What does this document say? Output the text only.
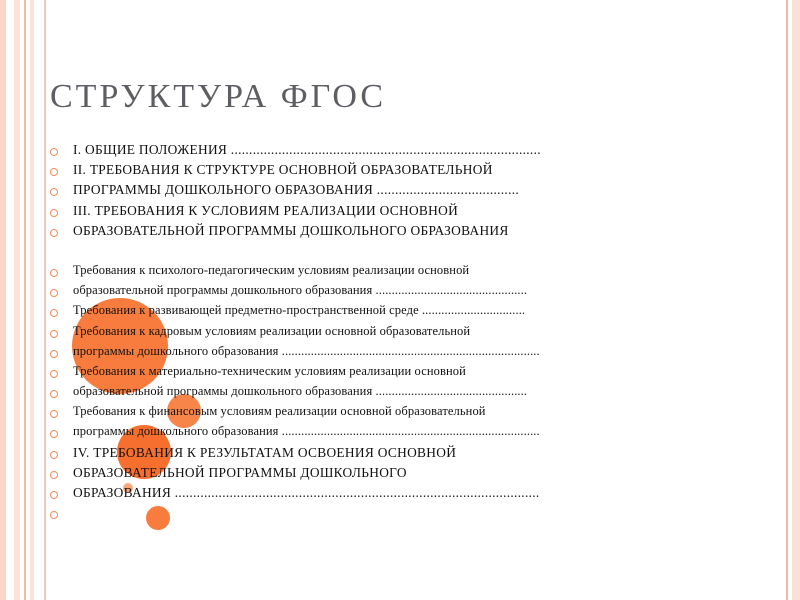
СТРУКТУРА ФГОС
I. ОБЩИЕ ПОЛОЖЕНИЯ .....................................................................................
II. ТРЕБОВАНИЯ К СТРУКТУРЕ ОСНОВНОЙ ОБРАЗОВАТЕЛЬНОЙ
ПРОГРАММЫ ДОШКОЛЬНОГО ОБРАЗОВАНИЯ .......................................
III. ТРЕБОВАНИЯ К УСЛОВИЯМ РЕАЛИЗАЦИИ ОСНОВНОЙ
ОБРАЗОВАТЕЛЬНОЙ ПРОГРАММЫ ДОШКОЛЬНОГО ОБРАЗОВАНИЯ
Требования к психолого-педагогическим условиям реализации основной
образовательной программы дошкольного образования ...............................................
Требования к развивающей предметно-пространственной среде ................................
Требования к кадровым условиям реализации основной образовательной
программы дошкольного образования ................................................................................
Требования к материально-техническим условиям реализации основной
образовательной программы дошкольного образования ...............................................
Требования к финансовым условиям реализации основной образовательной
программы дошкольного образования ................................................................................
IV. ТРЕБОВАНИЯ К РЕЗУЛЬТАТАМ ОСВОЕНИЯ ОСНОВНОЙ
ОБРАЗОВАТЕЛЬНОЙ ПРОГРАММЫ ДОШКОЛЬНОГО
ОБРАЗОВАНИЯ ....................................................................................................
